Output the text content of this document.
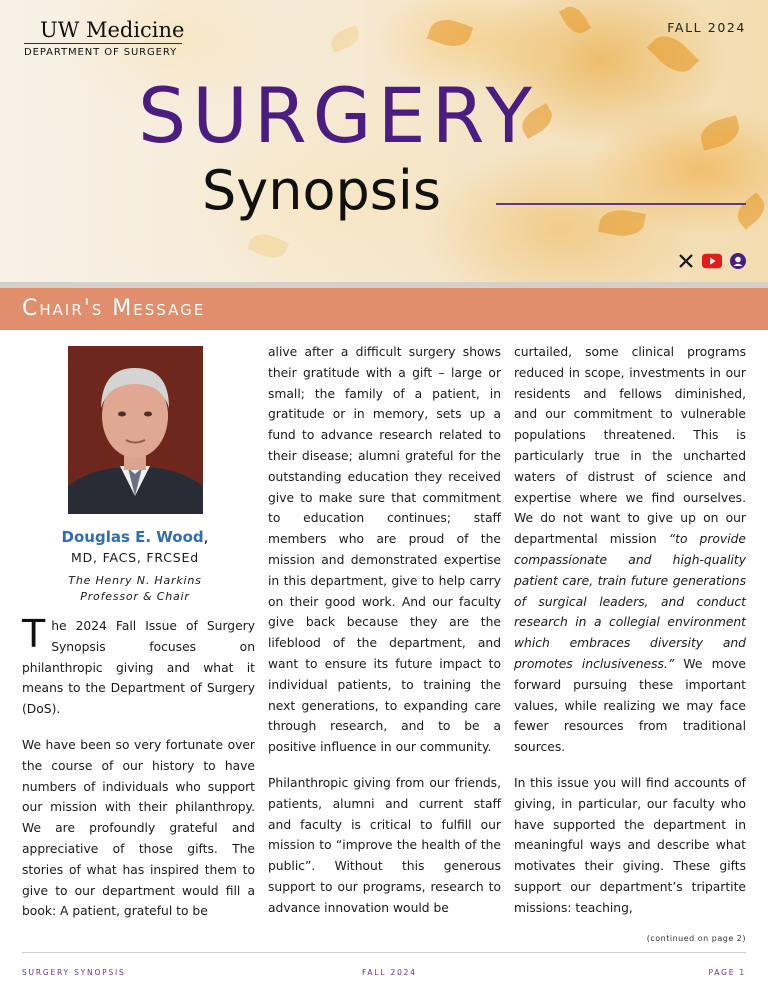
UW Medicine
DEPARTMENT OF SURGERY
FALL 2024
SURGERY
Synopsis
Chair's Message
Douglas E. Wood,
MD, FACS, FRCSEd
The Henry N. Harkins
Professor & Chair

The 2024 Fall Issue of Surgery Synopsis focuses on philanthropic giving and what it means to the Department of Surgery (DoS).

We have been so very fortunate over the course of our history to have numbers of individuals who support our mission with their philanthropy. We are profoundly grateful and appreciative of those gifts. The stories of what has inspired them to give to our department would fill a book: A patient, grateful to be

alive after a difficult surgery shows their gratitude with a gift – large or small; the family of a patient, in gratitude or in memory, sets up a fund to advance research related to their disease; alumni grateful for the outstanding education they received give to make sure that commitment to education continues; staff members who are proud of the mission and demonstrated expertise in this department, give to help carry on their good work. And our faculty give back because they are the lifeblood of the department, and want to ensure its future impact to individual patients, to training the next generations, to expanding care through research, and to be a positive influence in our community.

Philanthropic giving from our friends, patients, alumni and current staff and faculty is critical to fulfill our mission to “improve the health of the public”. Without this generous support to our programs, research to advance innovation would be

curtailed, some clinical programs reduced in scope, investments in our residents and fellows diminished, and our commitment to vulnerable populations threatened. This is particularly true in the uncharted waters of distrust of science and expertise where we find ourselves. We do not want to give up on our departmental mission “to provide compassionate and high-quality patient care, train future generations of surgical leaders, and conduct research in a collegial environment which embraces diversity and promotes inclusiveness.” We move forward pursuing these important values, while realizing we may face fewer resources from traditional sources.

In this issue you will find accounts of giving, in particular, our faculty who have supported the department in meaningful ways and describe what motivates their giving. These gifts support our department’s tripartite missions: teaching,

(continued on page 2)
SURGERY SYNOPSIS	FALL 2024	PAGE 1
